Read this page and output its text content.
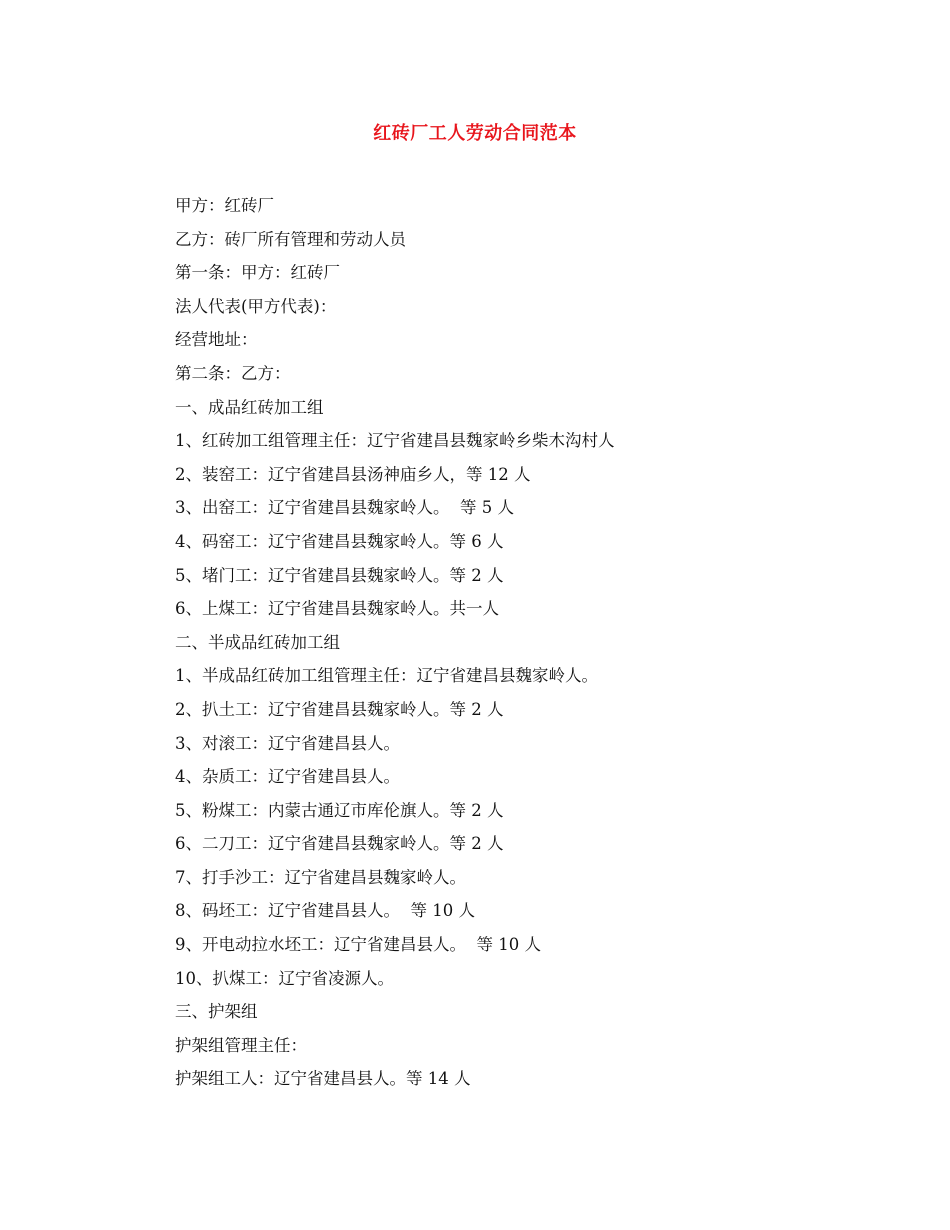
红砖厂工人劳动合同范本
甲方：红砖厂
乙方：砖厂所有管理和劳动人员
第一条：甲方：红砖厂
法人代表(甲方代表)：
经营地址：
第二条：乙方：
一、成品红砖加工组
1、红砖加工组管理主任：辽宁省建昌县魏家岭乡柴木沟村人
2、装窑工：辽宁省建昌县汤神庙乡人，等 12 人
3、出窑工：辽宁省建昌县魏家岭人。  等 5 人
4、码窑工：辽宁省建昌县魏家岭人。等 6 人
5、堵门工：辽宁省建昌县魏家岭人。等 2 人
6、上煤工：辽宁省建昌县魏家岭人。共一人
二、半成品红砖加工组
1、半成品红砖加工组管理主任：辽宁省建昌县魏家岭人。
2、扒土工：辽宁省建昌县魏家岭人。等 2 人
3、对滚工：辽宁省建昌县人。
4、杂质工：辽宁省建昌县人。
5、粉煤工：内蒙古通辽市库伦旗人。等 2 人
6、二刀工：辽宁省建昌县魏家岭人。等 2 人
7、打手沙工：辽宁省建昌县魏家岭人。
8、码坯工：辽宁省建昌县人。  等 10 人
9、开电动拉水坯工：辽宁省建昌县人。  等 10 人
10、扒煤工：辽宁省凌源人。
三、护架组
护架组管理主任：
护架组工人：辽宁省建昌县人。等 14 人
